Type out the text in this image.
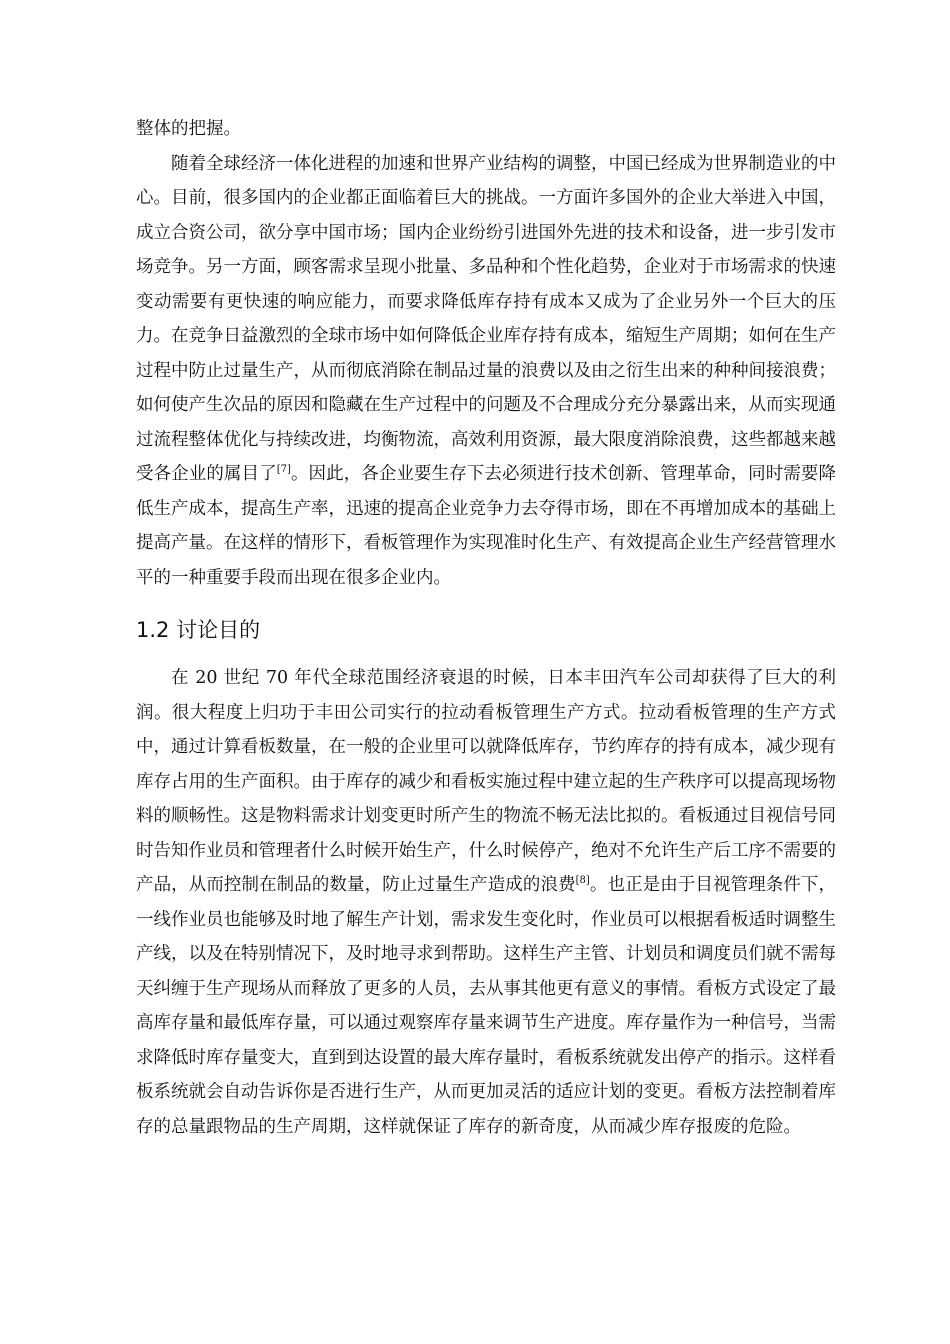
整体的把握。

随着全球经济一体化进程的加速和世界产业结构的调整，中国已经成为世界制造业的中心。目前，很多国内的企业都正面临着巨大的挑战。一方面许多国外的企业大举进入中国，成立合资公司，欲分享中国市场；国内企业纷纷引进国外先进的技术和设备，进一步引发市场竞争。另一方面，顾客需求呈现小批量、多品种和个性化趋势，企业对于市场需求的快速变动需要有更快速的响应能力，而要求降低库存持有成本又成为了企业另外一个巨大的压力。在竞争日益激烈的全球市场中如何降低企业库存持有成本，缩短生产周期；如何在生产过程中防止过量生产，从而彻底消除在制品过量的浪费以及由之衍生出来的种种间接浪费；如何使产生次品的原因和隐藏在生产过程中的问题及不合理成分充分暴露出来，从而实现通过流程整体优化与持续改进，均衡物流，高效利用资源，最大限度消除浪费，这些都越来越受各企业的属目了[7]。因此，各企业要生存下去必须进行技术创新、管理革命，同时需要降低生产成本，提高生产率，迅速的提高企业竞争力去夺得市场，即在不再增加成本的基础上提高产量。在这样的情形下，看板管理作为实现准时化生产、有效提高企业生产经营管理水平的一种重要手段而出现在很多企业内。

1.2 讨论目的

在 20 世纪 70 年代全球范围经济衰退的时候，日本丰田汽车公司却获得了巨大的利润。很大程度上归功于丰田公司实行的拉动看板管理生产方式。拉动看板管理的生产方式中，通过计算看板数量，在一般的企业里可以就降低库存，节约库存的持有成本，减少现有库存占用的生产面积。由于库存的减少和看板实施过程中建立起的生产秩序可以提高现场物料的顺畅性。这是物料需求计划变更时所产生的物流不畅无法比拟的。看板通过目视信号同时告知作业员和管理者什么时候开始生产，什么时候停产，绝对不允许生产后工序不需要的产品，从而控制在制品的数量，防止过量生产造成的浪费[8]。也正是由于目视管理条件下，一线作业员也能够及时地了解生产计划，需求发生变化时，作业员可以根据看板适时调整生产线，以及在特别情况下，及时地寻求到帮助。这样生产主管、计划员和调度员们就不需每天纠缠于生产现场从而释放了更多的人员，去从事其他更有意义的事情。看板方式设定了最高库存量和最低库存量，可以通过观察库存量来调节生产进度。库存量作为一种信号，当需求降低时库存量变大，直到到达设置的最大库存量时，看板系统就发出停产的指示。这样看板系统就会自动告诉你是否进行生产，从而更加灵活的适应计划的变更。看板方法控制着库存的总量跟物品的生产周期，这样就保证了库存的新奇度，从而减少库存报废的危险。
